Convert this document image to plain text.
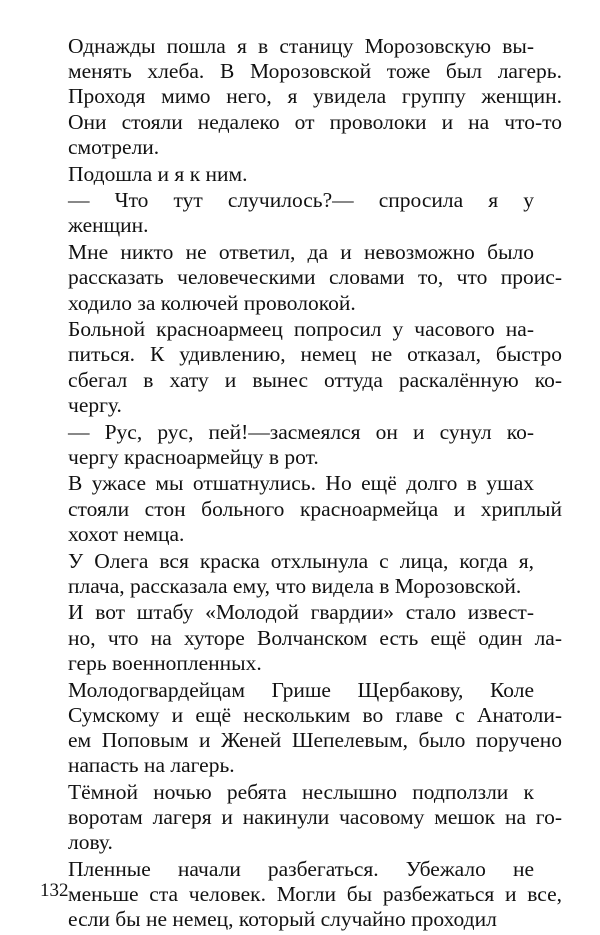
Однажды пошла я в станицу Морозовскую вы-
менять хлеба. В Морозовской тоже был лагерь.
Проходя мимо него, я увидела группу женщин.
Они стояли недалеко от проволоки и на что-то
смотрели.
Подошла и я к ним.
— Что тут случилось?— спросила я у
женщин.
Мне никто не ответил, да и невозможно было
рассказать человеческими словами то, что проис-
ходило за колючей проволокой.
Больной красноармеец попросил у часового на-
питься. К удивлению, немец не отказал, быстро
сбегал в хату и вынес оттуда раскалённую ко-
чергу.
— Рус, рус, пей!—засмеялся он и сунул ко-
чергу красноармейцу в рот.
В ужасе мы отшатнулись. Но ещё долго в ушах
стояли стон больного красноармейца и хриплый
хохот немца.
У Олега вся краска отхлынула с лица, когда я,
плача, рассказала ему, что видела в Морозовской.
И вот штабу «Молодой гвардии» стало извест-
но, что на хуторе Волчанском есть ещё один ла-
герь военнопленных.
Молодогвардейцам Грише Щербакову, Коле
Сумскому и ещё нескольким во главе с Анатоли-
ем Поповым и Женей Шепелевым, было поручено
напасть на лагерь.
Тёмной ночью ребята неслышно подползли к
воротам лагеря и накинули часовому мешок на го-
лову.
Пленные начали разбегаться. Убежало не
меньше ста человек. Могли бы разбежаться и все,
если бы не немец, который случайно проходил
132
